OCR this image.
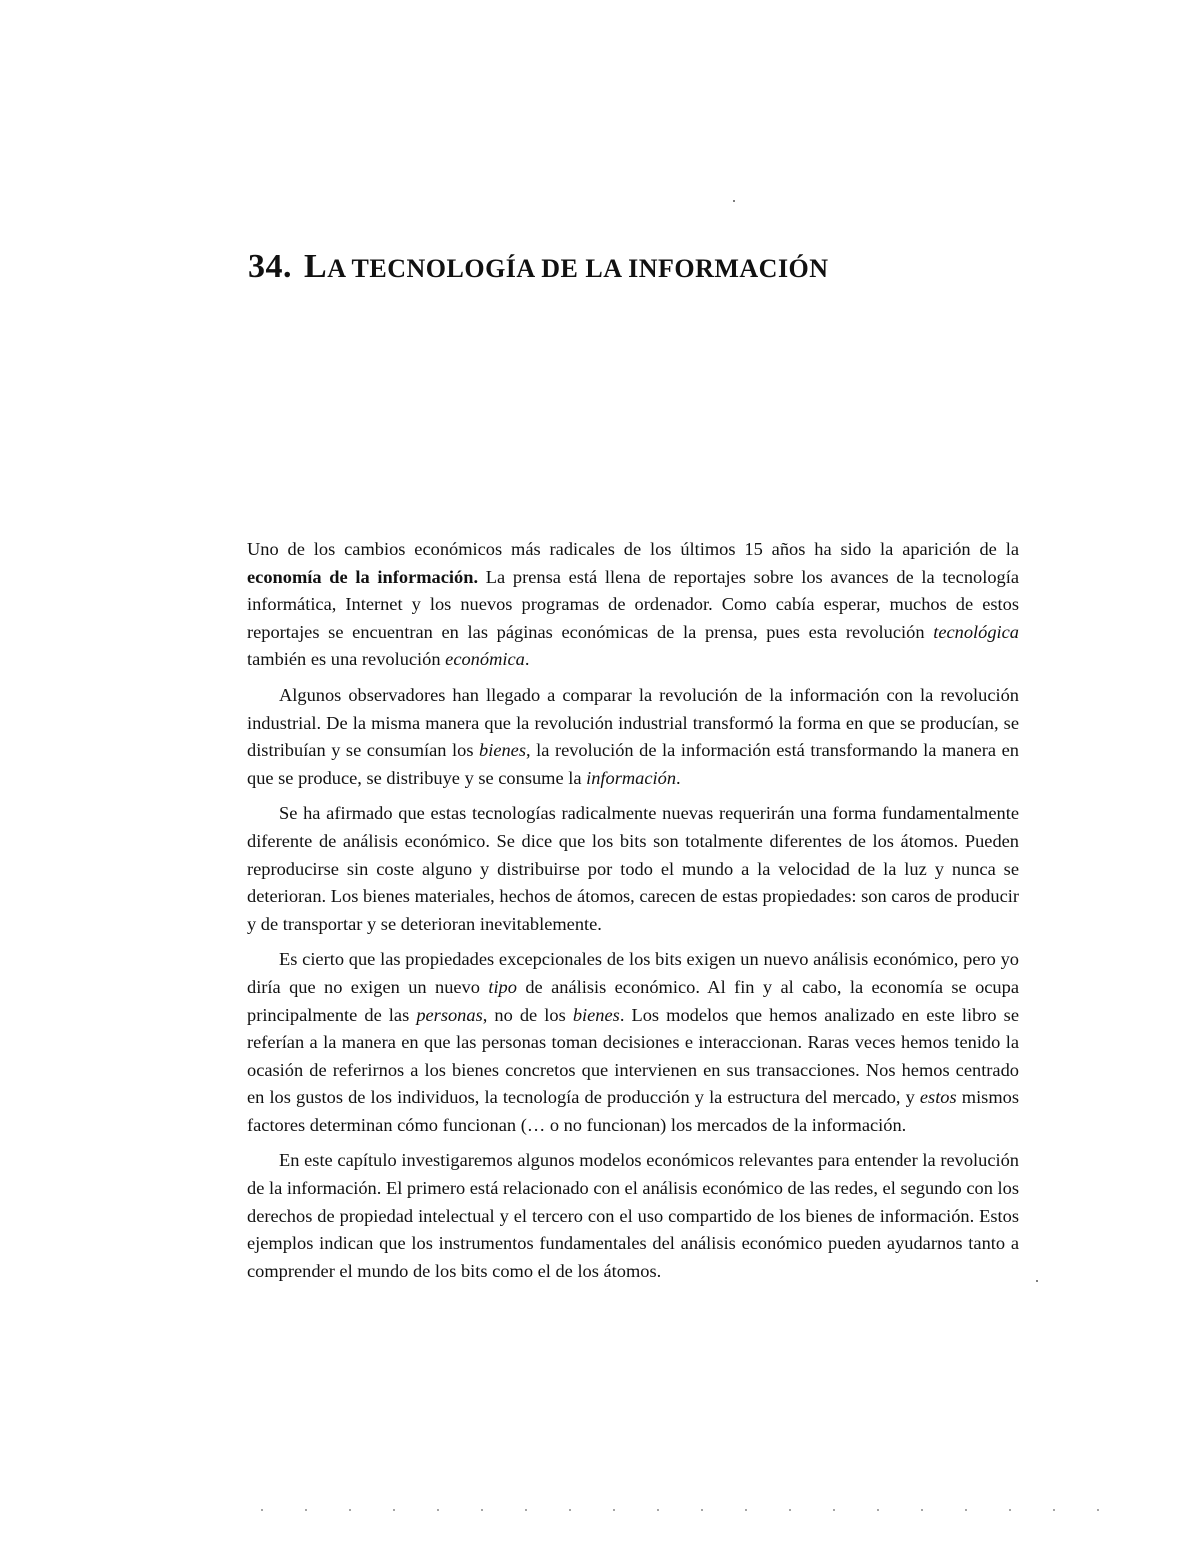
34. LA TECNOLOGÍA DE LA INFORMACIÓN

Uno de los cambios económicos más radicales de los últimos 15 años ha sido la aparición de la economía de la información. La prensa está llena de reportajes sobre los avances de la tecnología informática, Internet y los nuevos programas de ordenador. Como cabía esperar, muchos de estos reportajes se encuentran en las páginas económicas de la prensa, pues esta revolución tecnológica también es una revolución económica.

Algunos observadores han llegado a comparar la revolución de la información con la revolución industrial. De la misma manera que la revolución industrial transformó la forma en que se producían, se distribuían y se consumían los bienes, la revolución de la información está transformando la manera en que se produce, se distribuye y se consume la información.

Se ha afirmado que estas tecnologías radicalmente nuevas requerirán una forma fundamentalmente diferente de análisis económico. Se dice que los bits son totalmente diferentes de los átomos. Pueden reproducirse sin coste alguno y distribuirse por todo el mundo a la velocidad de la luz y nunca se deterioran. Los bienes materiales, hechos de átomos, carecen de estas propiedades: son caros de producir y de transportar y se deterioran inevitablemente.

Es cierto que las propiedades excepcionales de los bits exigen un nuevo análisis económico, pero yo diría que no exigen un nuevo tipo de análisis económico. Al fin y al cabo, la economía se ocupa principalmente de las personas, no de los bienes. Los modelos que hemos analizado en este libro se referían a la manera en que las personas toman decisiones e interaccionan. Raras veces hemos tenido la ocasión de referirnos a los bienes concretos que intervienen en sus transacciones. Nos hemos centrado en los gustos de los individuos, la tecnología de producción y la estructura del mercado, y estos mismos factores determinan cómo funcionan (… o no funcionan) los mercados de la información.

En este capítulo investigaremos algunos modelos económicos relevantes para entender la revolución de la información. El primero está relacionado con el análisis económico de las redes, el segundo con los derechos de propiedad intelectual y el tercero con el uso compartido de los bienes de información. Estos ejemplos indican que los instrumentos fundamentales del análisis económico pueden ayudarnos tanto a comprender el mundo de los bits como el de los átomos.
